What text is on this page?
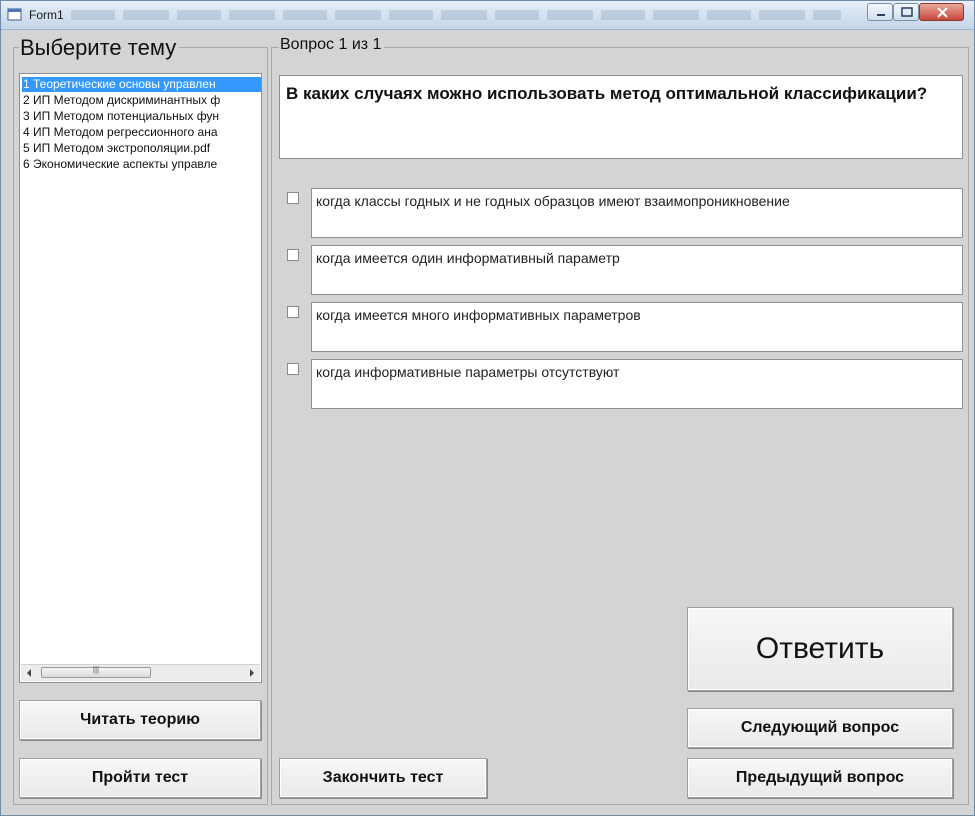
Form1
Выберите тему	Вопрос 1 из 1
1 Теоретические основы управлен
2 ИП Методом дискриминантных ф
3 ИП Методом потенциальных фун
4 ИП Методом регрессионного ана
5 ИП Методом экстрополяции.pdf
6 Экономические аспекты управле
|||
Читать теорию
Пройти тест
В каких случаях можно использовать метод оптимальной классификации?
когда классы годных и не годных образцов имеют взаимопроникновение
когда имеется один информативный параметр
когда имеется много информативных параметров
когда информативные параметры отсутствуют
Ответить
Следующий вопрос
Закончить тест	Предыдущий вопрос
